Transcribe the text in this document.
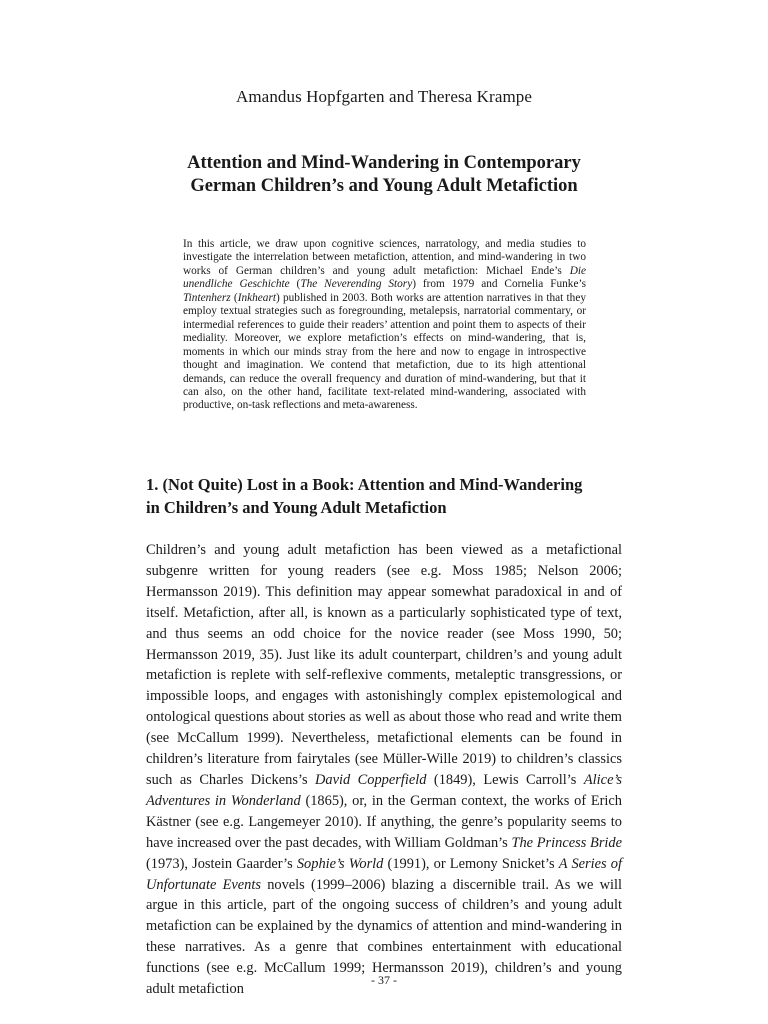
Amandus Hopfgarten and Theresa Krampe
Attention and Mind-Wandering in Contemporary
German Children’s and Young Adult Metafiction
In this article, we draw upon cognitive sciences, narratology, and media studies to investigate the interrelation between metafiction, attention, and mind-wandering in two works of German children’s and young adult metafiction: Michael Ende’s Die unendliche Geschichte (The Neverending Story) from 1979 and Cornelia Funke’s Tintenherz (Inkheart) published in 2003. Both works are attention narratives in that they employ textual strategies such as foregrounding, metalepsis, narratorial commentary, or intermedial references to guide their readers’ attention and point them to aspects of their mediality. Moreover, we explore metafiction’s effects on mind-wandering, that is, moments in which our minds stray from the here and now to engage in introspective thought and imagination. We contend that metafiction, due to its high attentional demands, can reduce the overall frequency and duration of mind-wandering, but that it can also, on the other hand, facilitate text-related mind-wandering, associated with productive, on-task reflections and meta-awareness.
1. (Not Quite) Lost in a Book: Attention and Mind-Wandering
in Children’s and Young Adult Metafiction
Children’s and young adult metafiction has been viewed as a metafictional subgenre written for young readers (see e.g. Moss 1985; Nelson 2006; Hermansson 2019). This definition may appear somewhat paradoxical in and of itself. Metafiction, after all, is known as a particularly sophisticated type of text, and thus seems an odd choice for the novice reader (see Moss 1990, 50; Hermansson 2019, 35). Just like its adult counterpart, children’s and young adult metafiction is replete with self-reflexive comments, metaleptic transgressions, or impossible loops, and engages with astonishingly complex epistemological and ontological questions about stories as well as about those who read and write them (see McCallum 1999). Nevertheless, metafictional elements can be found in children’s literature from fairytales (see Müller-Wille 2019) to children’s classics such as Charles Dickens’s David Copperfield (1849), Lewis Carroll’s Alice’s Adventures in Wonderland (1865), or, in the German context, the works of Erich Kästner (see e.g. Langemeyer 2010). If anything, the genre’s popularity seems to have increased over the past decades, with William Goldman’s The Princess Bride (1973), Jostein Gaarder’s Sophie’s World (1991), or Lemony Snicket’s A Series of Unfortunate Events novels (1999–2006) blazing a discernible trail. As we will argue in this article, part of the ongoing success of children’s and young adult metafiction can be explained by the dynamics of attention and mind-wandering in these narratives. As a genre that combines entertainment with educational functions (see e.g. McCallum 1999; Hermansson 2019), children’s and young adult metafiction
- 37 -
